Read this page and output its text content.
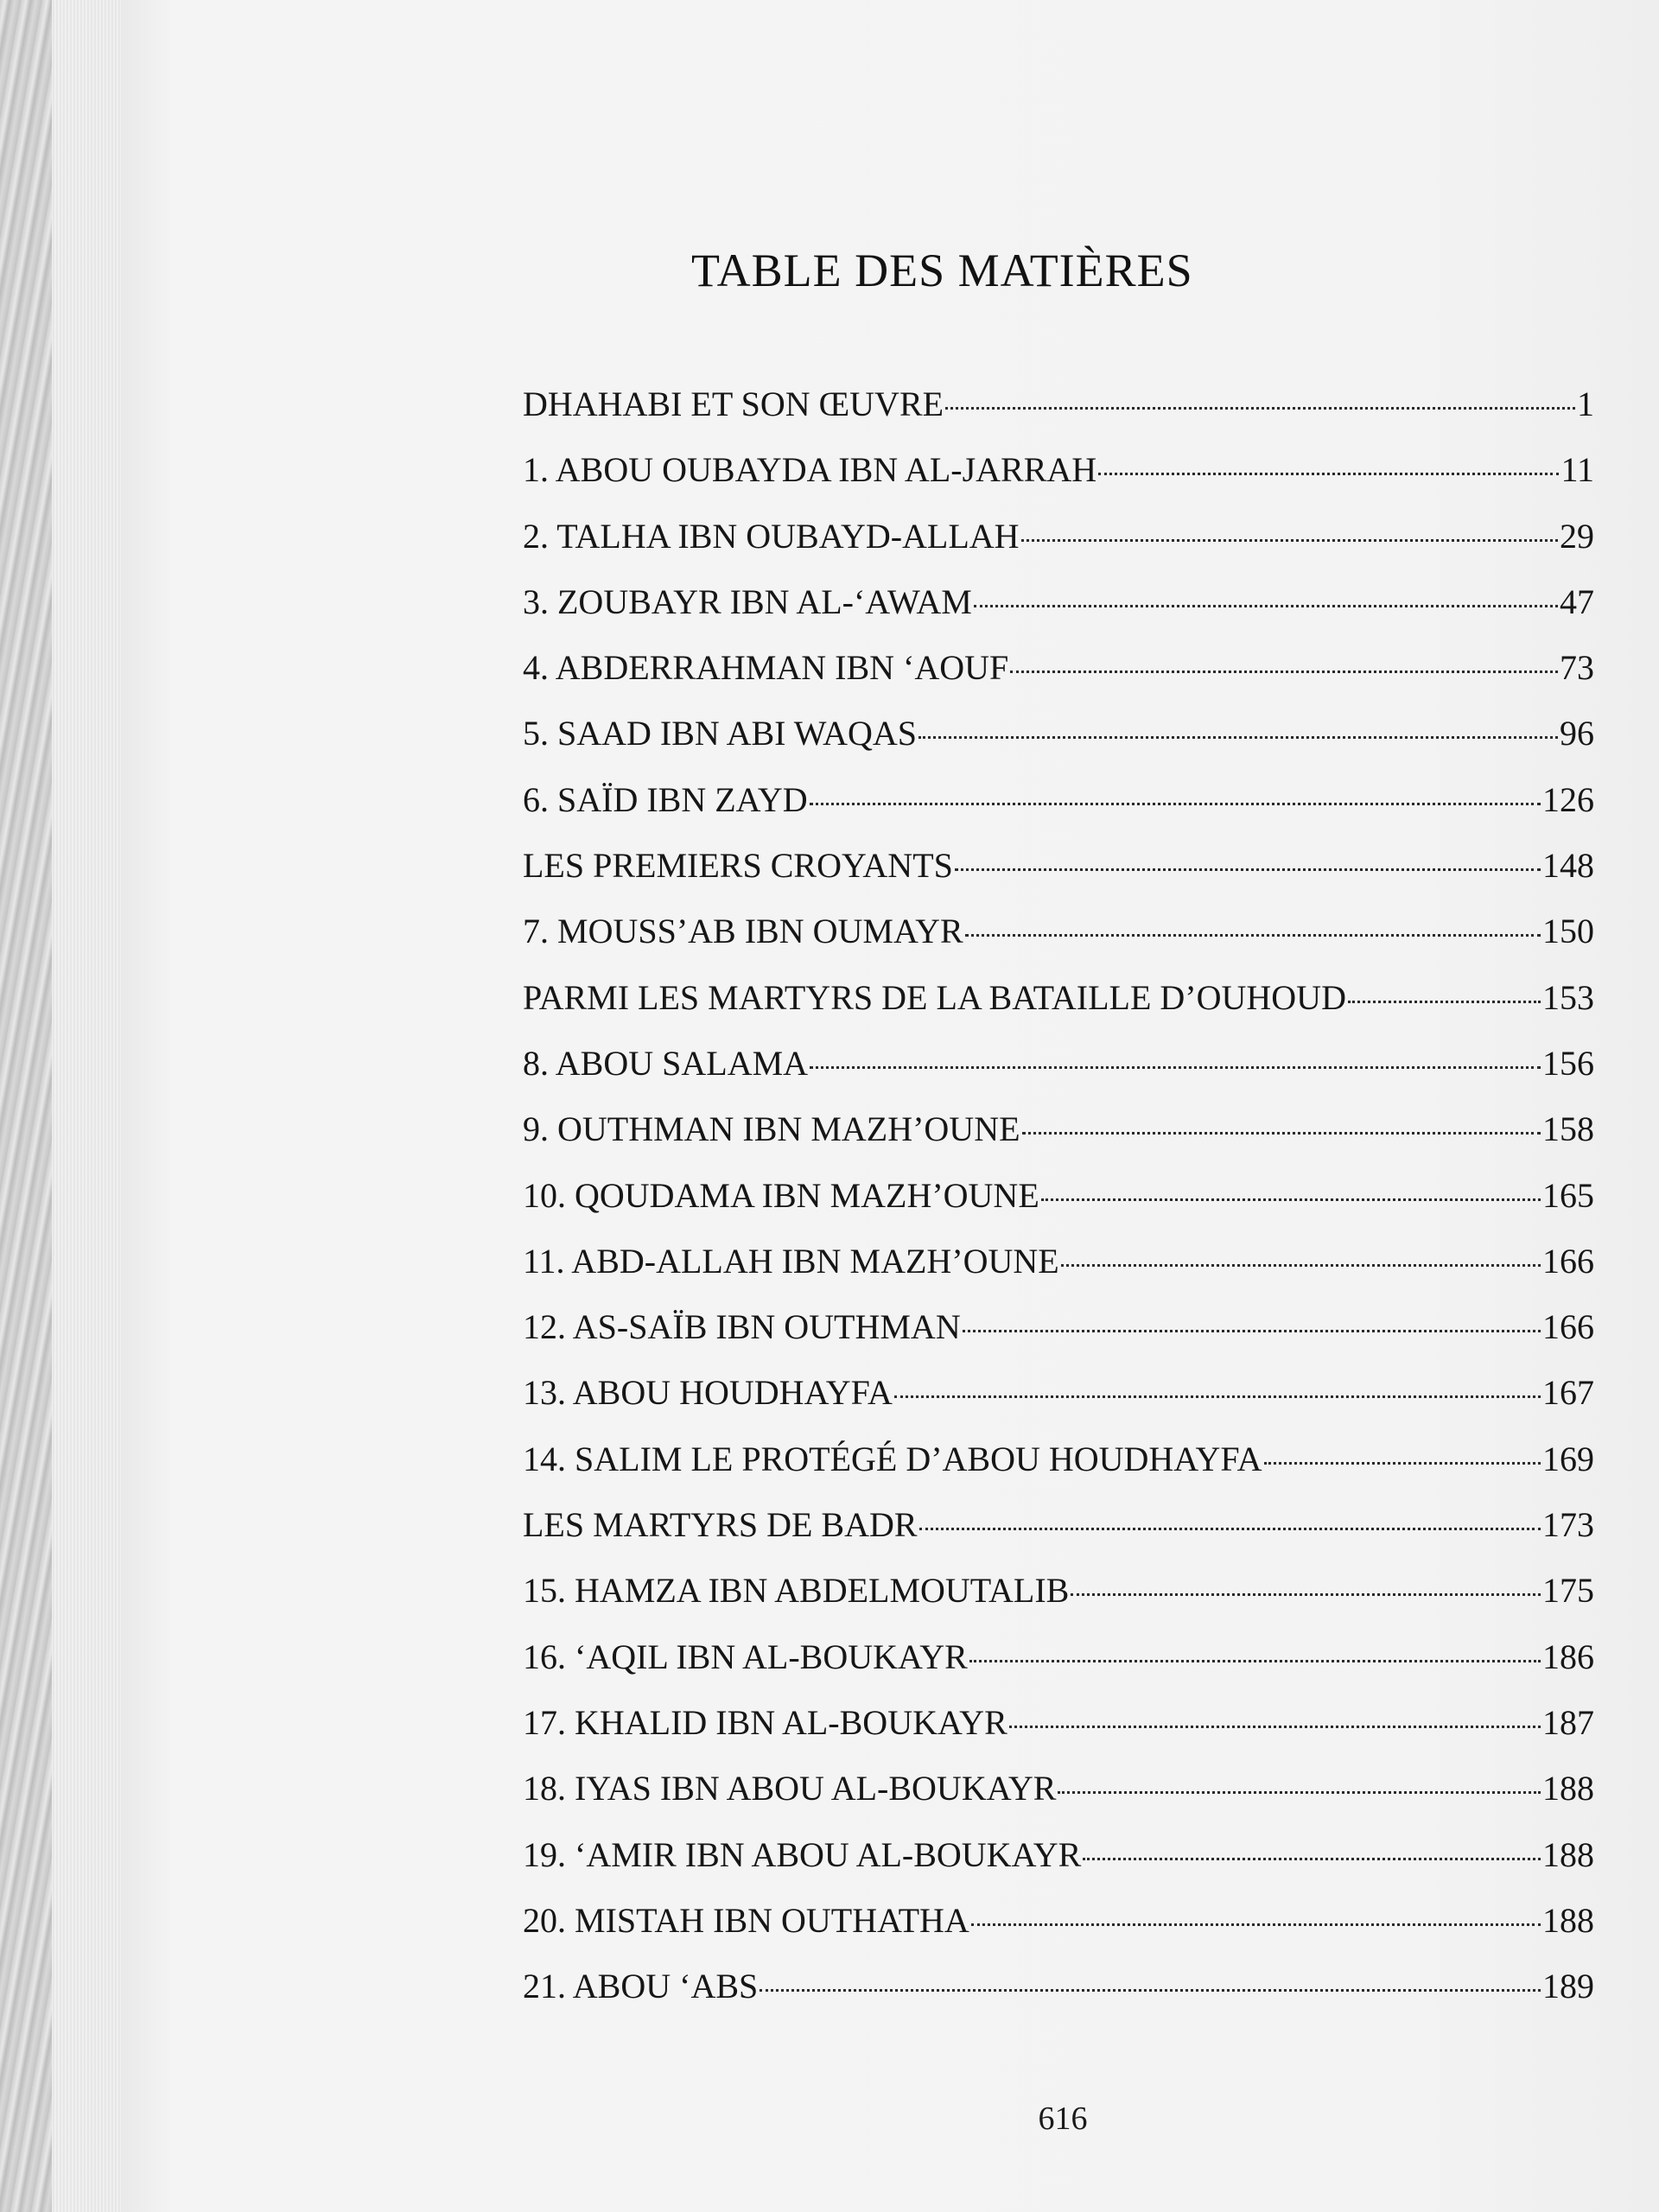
TABLE DES MATIÈRES
DHAHABI ET SON ŒUVRE	1
1. ABOU OUBAYDA IBN AL-JARRAH	11
2. TALHA IBN OUBAYD-ALLAH	29
3. ZOUBAYR IBN AL-‘AWAM	47
4. ABDERRAHMAN IBN ‘AOUF	73
5. SAAD IBN ABI WAQAS	96
6. SAÏD IBN ZAYD	126
LES PREMIERS CROYANTS	148
7. MOUSS’AB IBN OUMAYR	150
PARMI LES MARTYRS DE LA BATAILLE D’OUHOUD	153
8. ABOU SALAMA	156
9. OUTHMAN IBN MAZH’OUNE	158
10. QOUDAMA IBN MAZH’OUNE	165
11. ABD-ALLAH IBN MAZH’OUNE	166
12. AS-SAÏB IBN OUTHMAN	166
13. ABOU HOUDHAYFA	167
14. SALIM LE PROTÉGÉ D’ABOU HOUDHAYFA	169
LES MARTYRS DE BADR	173
15. HAMZA IBN ABDELMOUTALIB	175
16. ‘AQIL IBN AL-BOUKAYR	186
17. KHALID IBN AL-BOUKAYR	187
18. IYAS IBN ABOU AL-BOUKAYR	188
19. ‘AMIR IBN ABOU AL-BOUKAYR	188
20. MISTAH IBN OUTHATHA	188
21. ABOU ‘ABS	189
616
